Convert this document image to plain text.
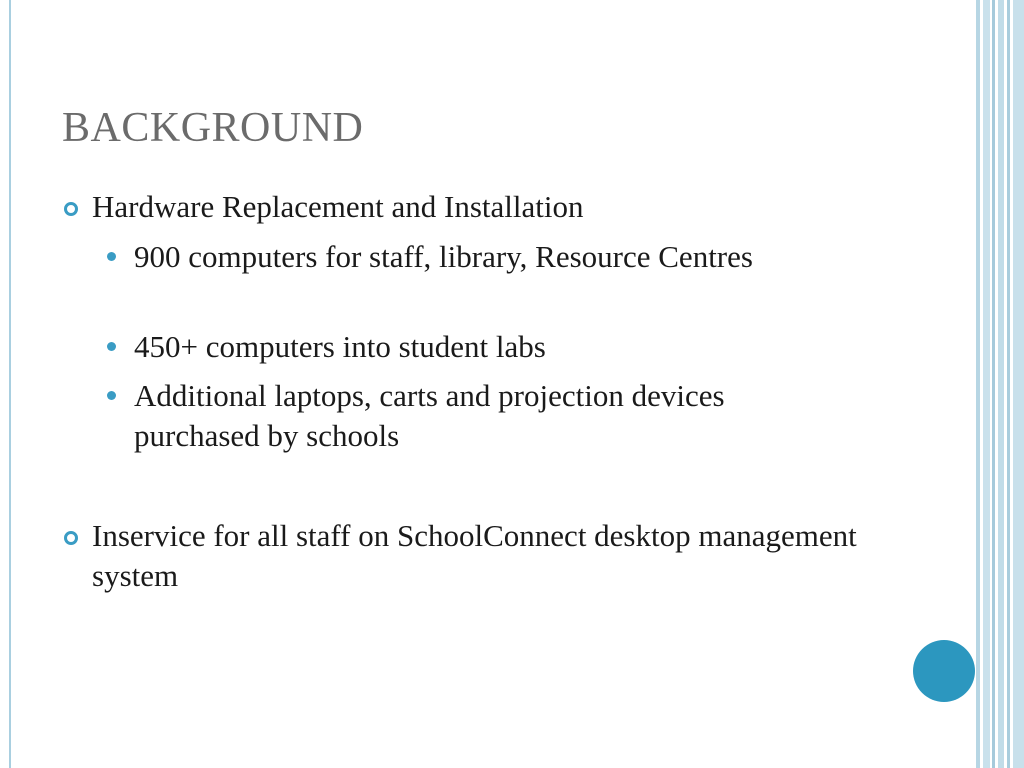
BACKGROUND
Hardware Replacement and Installation
900 computers for staff, library, Resource Centres
450+ computers into student labs
Additional laptops, carts and projection devices purchased by schools
Inservice for all staff on SchoolConnect desktop management system
